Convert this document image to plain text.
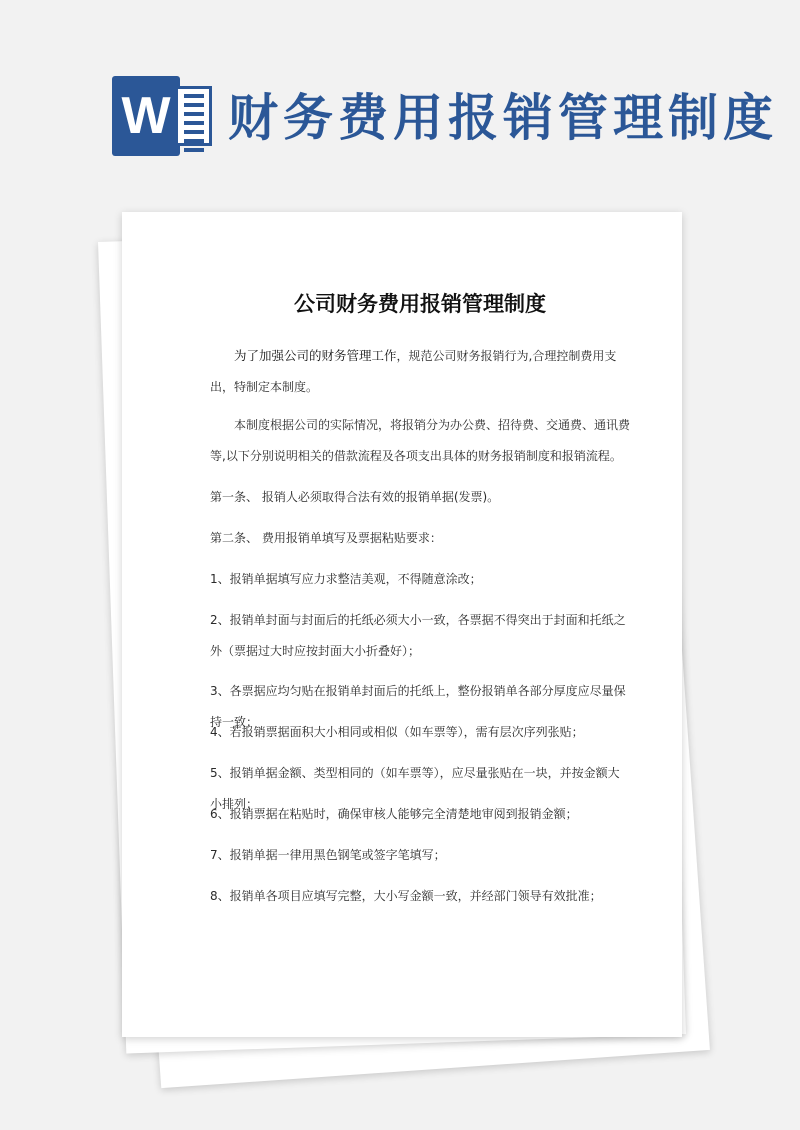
W 财务费用报销管理制度
公司财务费用报销管理制度
为了加强公司的财务管理工作，规范公司财务报销行为,合理控制费用支出，特制定本制度。
本制度根据公司的实际情况，将报销分为办公费、招待费、交通费、通讯费等,以下分别说明相关的借款流程及各项支出具体的财务报销制度和报销流程。
第一条、 报销人必须取得合法有效的报销单据(发票)。
第二条、 费用报销单填写及票据粘贴要求：
1、报销单据填写应力求整洁美观，不得随意涂改；
2、报销单封面与封面后的托纸必须大小一致，各票据不得突出于封面和托纸之外（票据过大时应按封面大小折叠好）；
3、各票据应均匀贴在报销单封面后的托纸上，整份报销单各部分厚度应尽量保持一致；
4、若报销票据面积大小相同或相似（如车票等），需有层次序列张贴；
5、报销单据金额、类型相同的（如车票等），应尽量张贴在一块，并按金额大小排列；
6、报销票据在粘贴时，确保审核人能够完全清楚地审阅到报销金额；
7、报销单据一律用黑色钢笔或签字笔填写；
8、报销单各项目应填写完整，大小写金额一致，并经部门领导有效批准；
